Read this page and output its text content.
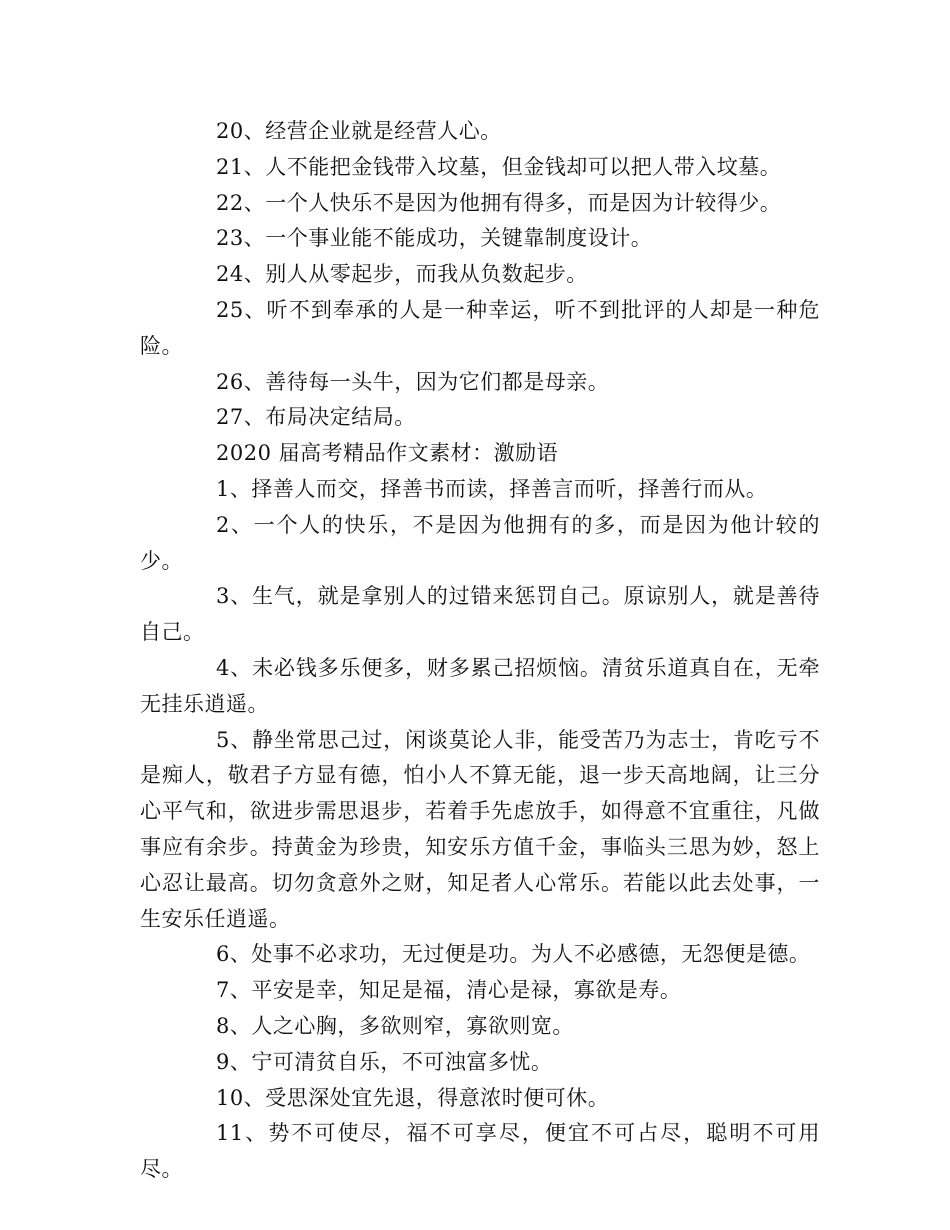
20、经营企业就是经营人心。

21、人不能把金钱带入坟墓，但金钱却可以把人带入坟墓。

22、一个人快乐不是因为他拥有得多，而是因为计较得少。

23、一个事业能不能成功，关键靠制度设计。

24、别人从零起步，而我从负数起步。

25、听不到奉承的人是一种幸运，听不到批评的人却是一种危险。

26、善待每一头牛，因为它们都是母亲。

27、布局决定结局。

2020 届高考精品作文素材：激励语

1、择善人而交，择善书而读，择善言而听，择善行而从。

2、一个人的快乐，不是因为他拥有的多，而是因为他计较的少。

3、生气，就是拿别人的过错来惩罚自己。原谅别人，就是善待自己。

4、未必钱多乐便多，财多累己招烦恼。清贫乐道真自在，无牵无挂乐逍遥。

5、静坐常思己过，闲谈莫论人非，能受苦乃为志士，肯吃亏不是痴人，敬君子方显有德，怕小人不算无能，退一步天高地阔，让三分心平气和，欲进步需思退步，若着手先虑放手，如得意不宜重往，凡做事应有余步。持黄金为珍贵，知安乐方值千金，事临头三思为妙，怒上心忍让最高。切勿贪意外之财，知足者人心常乐。若能以此去处事，一生安乐任逍遥。

6、处事不必求功，无过便是功。为人不必感德，无怨便是德。

7、平安是幸，知足是福，清心是禄，寡欲是寿。

8、人之心胸，多欲则窄，寡欲则宽。

9、宁可清贫自乐，不可浊富多忧。

10、受思深处宜先退，得意浓时便可休。

11、势不可使尽，福不可享尽，便宜不可占尽，聪明不可用尽。
